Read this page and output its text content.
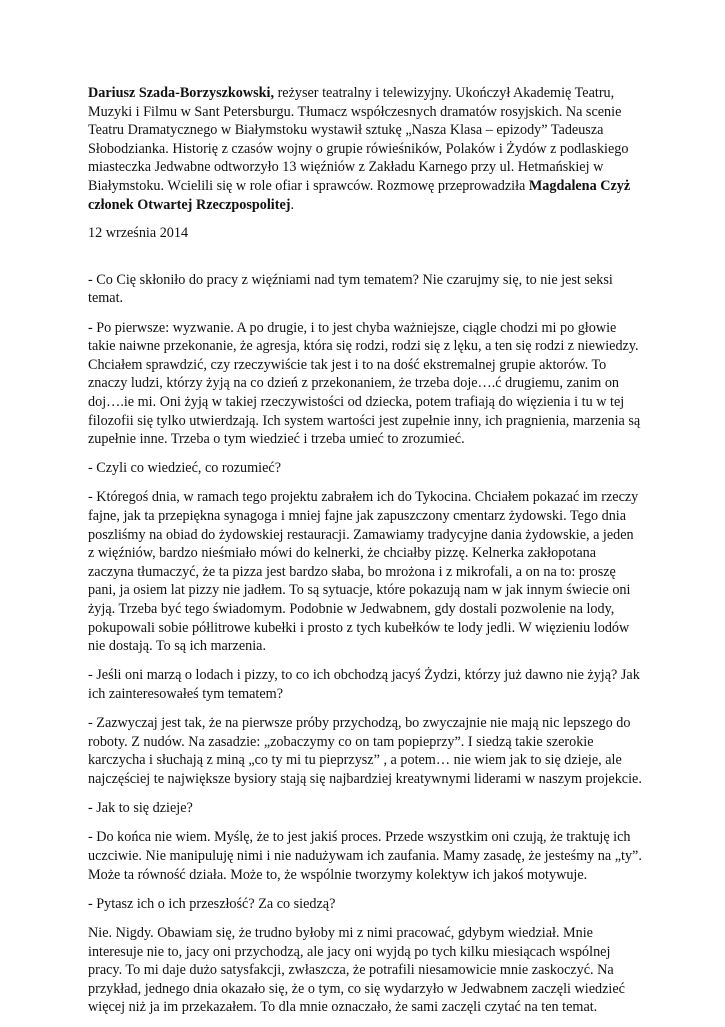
Dariusz Szada-Borzyszkowski, reżyser teatralny i telewizyjny. Ukończył Akademię Teatru, Muzyki i Filmu w Sant Petersburgu. Tłumacz współczesnych dramatów rosyjskich. Na scenie Teatru Dramatycznego w Białymstoku wystawił sztukę „Nasza Klasa – epizody” Tadeusza Słobodzianka. Historię z czasów wojny o grupie rówieśników, Polaków i Żydów z podlaskiego miasteczka Jedwabne odtworzyło 13 więźniów z Zakładu Karnego przy ul. Hetmańskiej w Białymstoku. Wcielili się w role ofiar i sprawców. Rozmowę przeprowadziła Magdalena Czyż członek Otwartej Rzeczpospolitej.

12 września 2014

- Co Cię skłoniło do pracy z więźniami nad tym tematem? Nie czarujmy się, to nie jest seksi temat.

- Po pierwsze: wyzwanie. A po drugie, i to jest chyba ważniejsze, ciągle chodzi mi po głowie takie naiwne przekonanie, że agresja, która się rodzi, rodzi się z lęku, a ten się rodzi z niewiedzy. Chciałem sprawdzić, czy rzeczywiście tak jest i to na dość ekstremalnej grupie aktorów. To znaczy ludzi, którzy żyją na co dzień z przekonaniem, że trzeba doje….ć drugiemu, zanim on doj….ie mi. Oni żyją w takiej rzeczywistości od dziecka, potem trafiają do więzienia i tu w tej filozofii się tylko utwierdzają. Ich system wartości jest zupełnie inny, ich pragnienia, marzenia są zupełnie inne. Trzeba o tym wiedzieć i trzeba umieć to zrozumieć.

- Czyli co wiedzieć, co rozumieć?

- Któregoś dnia, w ramach tego projektu zabrałem ich do Tykocina. Chciałem pokazać im rzeczy fajne, jak ta przepiękna synagoga i mniej fajne jak zapuszczony cmentarz żydowski. Tego dnia poszliśmy na obiad do żydowskiej restauracji. Zamawiamy tradycyjne dania żydowskie, a jeden z więźniów, bardzo nieśmiało mówi do kelnerki, że chciałby pizzę. Kelnerka zakłopotana zaczyna tłumaczyć, że ta pizza jest bardzo słaba, bo mrożona i z mikrofali, a on na to: proszę pani, ja osiem lat pizzy nie jadłem. To są sytuacje, które pokazują nam w jak innym świecie oni żyją. Trzeba być tego świadomym. Podobnie w Jedwabnem, gdy dostali pozwolenie na lody, pokupowali sobie półlitrowe kubełki i prosto z tych kubełków te lody jedli. W więzieniu lodów nie dostają. To są ich marzenia.

- Jeśli oni marzą o lodach i pizzy, to co ich obchodzą jacyś Żydzi, którzy już dawno nie żyją? Jak ich zainteresowałeś tym tematem?

- Zazwyczaj jest tak, że na pierwsze próby przychodzą, bo zwyczajnie nie mają nic lepszego do roboty. Z nudów. Na zasadzie: „zobaczymy co on tam popieprzy”. I siedzą takie szerokie karczycha i słuchają z miną „co ty mi tu pieprzysz” , a potem… nie wiem jak to się dzieje, ale najczęściej te największe bysiory stają się najbardziej kreatywnymi liderami w naszym projekcie.

- Jak to się dzieje?

- Do końca nie wiem. Myślę, że to jest jakiś proces. Przede wszystkim oni czują, że traktuję ich uczciwie. Nie manipuluję nimi i nie nadużywam ich zaufania. Mamy zasadę, że jesteśmy na „ty”. Może ta równość działa. Może to, że wspólnie tworzymy kolektyw ich jakoś motywuje.

- Pytasz ich o ich przeszłość? Za co siedzą?

Nie. Nigdy. Obawiam się, że trudno byłoby mi z nimi pracować, gdybym wiedział. Mnie interesuje nie to, jacy oni przychodzą, ale jacy oni wyjdą po tych kilku miesiącach wspólnej pracy. To mi daje dużo satysfakcji, zwłaszcza, że potrafili niesamowicie mnie zaskoczyć. Na przykład, jednego dnia okazało się, że o tym, co się wydarzyło w Jedwabnem zaczęli wiedzieć więcej niż ja im przekazałem. To dla mnie oznaczało, że sami zaczęli czytać na ten temat.
